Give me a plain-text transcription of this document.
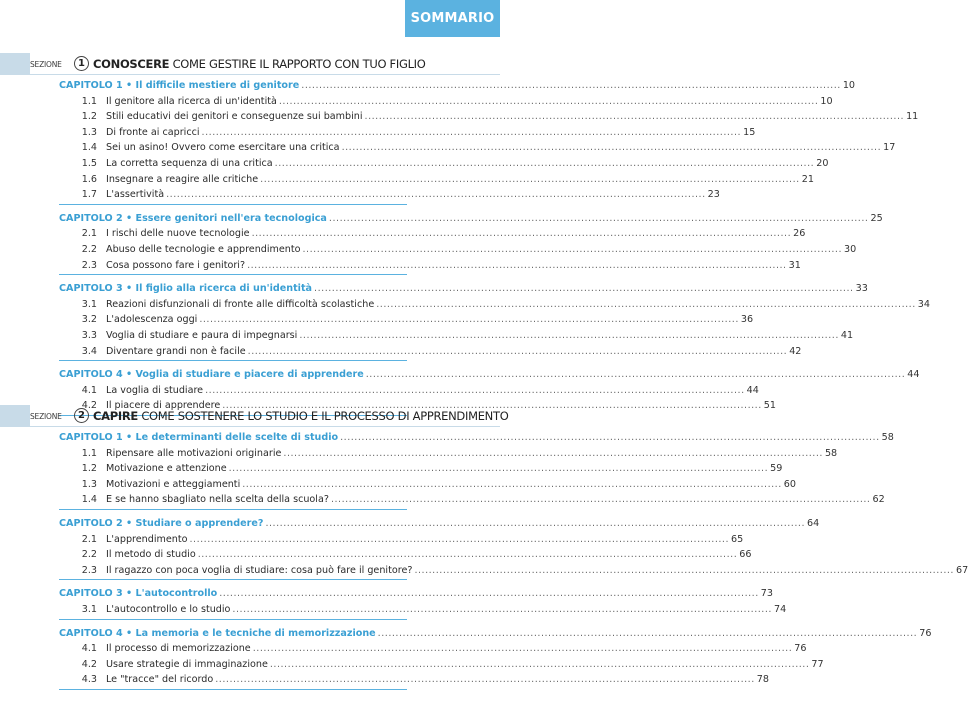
SOMMARIO
SEZIONE	1 CONOSCERE
COME GESTIRE IL RAPPORTO CON TUO FIGLIO
CAPITOLO 1 • Il difficile mestiere di genitore .....	10
1.1 Il genitore alla ricerca di un'identità .....	10
1.2 Stili educativi dei genitori e conseguenze sui bambini .....	11
1.3 Di fronte ai capricci .....	15
1.4 Sei un asino! Ovvero come esercitare una critica .....	17
1.5 La corretta sequenza di una critica .....	20
1.6 Insegnare a reagire alle critiche .....	21
1.7 L'assertività .....	23
CAPITOLO 2 • Essere genitori nell'era tecnologica .....	25
2.1 I rischi delle nuove tecnologie .....	26
2.2 Abuso delle tecnologie e apprendimento .....	30
2.3 Cosa possono fare i genitori? .....	31
CAPITOLO 3 • Il figlio alla ricerca di un'identità .....	33
3.1 Reazioni disfunzionali di fronte alle difficoltà scolastiche .....	34
3.2 L'adolescenza oggi .....	36
3.3 Voglia di studiare e paura di impegnarsi .....	41
3.4 Diventare grandi non è facile .....	42
CAPITOLO 4 • Voglia di studiare e piacere di apprendere .....	44
4.1 La voglia di studiare .....	44
4.2 Il piacere di apprendere .....	51
SEZIONE	2 CAPIRE
COME SOSTENERE LO STUDIO E IL PROCESSO DI APPRENDIMENTO
CAPITOLO 1 • Le determinanti delle scelte di studio .....	58
1.1 Ripensare alle motivazioni originarie .....	58
1.2 Motivazione e attenzione .....	59
1.3 Motivazioni e atteggiamenti .....	60
1.4 E se hanno sbagliato nella scelta della scuola? .....	62
CAPITOLO 2 • Studiare o apprendere? .....	64
2.1 L'apprendimento .....	65
2.2 Il metodo di studio .....	66
2.3 Il ragazzo con poca voglia di studiare: cosa può fare il genitore? .....	67
CAPITOLO 3 • L'autocontrollo .....	73
3.1 L'autocontrollo e lo studio .....	74
CAPITOLO 4 • La memoria e le tecniche di memorizzazione .....	76
4.1 Il processo di memorizzazione .....	76
4.2 Usare strategie di immaginazione .....	77
4.3 Le "tracce" del ricordo .....	78
